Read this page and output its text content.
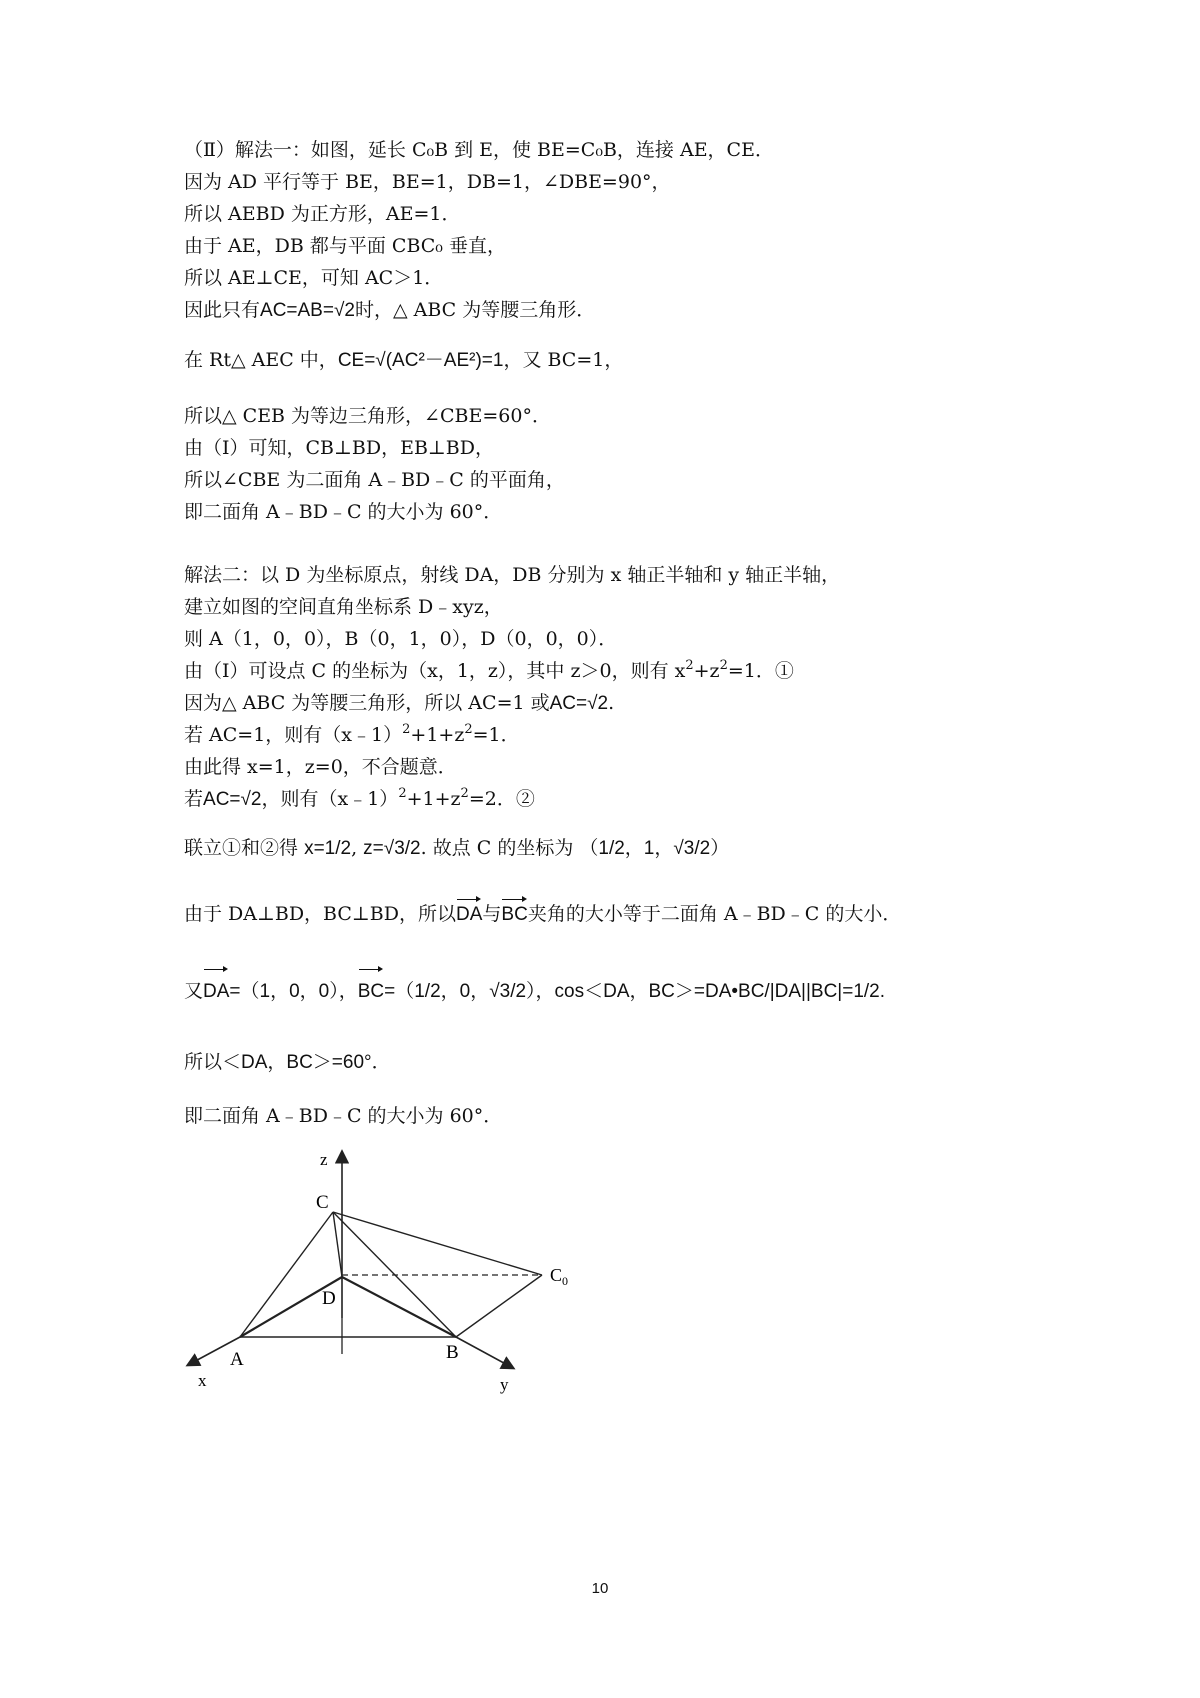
（Ⅱ）解法一：如图，延长 C₀B 到 E，使 BE=C₀B，连接 AE，CE．
因为 AD 平行等于 BE，BE=1，DB=1，∠DBE=90°，
所以 AEBD 为正方形，AE=1．
由于 AE，DB 都与平面 CBC₀ 垂直，
所以 AE⊥CE，可知 AC＞1．
因此只有AC=AB=√2时，△ ABC 为等腰三角形．
在 Rt△ AEC 中，CE=√(AC²－AE²)=1，又 BC=1，
所以△ CEB 为等边三角形，∠CBE=60°．
由（Ⅰ）可知，CB⊥BD，EB⊥BD，
所以∠CBE 为二面角 A﹣BD﹣C 的平面角，
即二面角 A﹣BD﹣C 的大小为 60°．
解法二：以 D 为坐标原点，射线 DA，DB 分别为 x 轴正半轴和 y 轴正半轴，
建立如图的空间直角坐标系 D﹣xyz，
则 A（1，0，0），B（0，1，0），D（0，0，0）．
由（Ⅰ）可设点 C 的坐标为（x，1，z），其中 z＞0，则有 $x^2+z^2=1$．①
因为△ ABC 为等腰三角形，所以 AC=1 或AC=√2.
若 AC=1，则有$(x﹣1)^2+1+z^2=1$．
由此得 x=1，z=0，不合题意．
若AC=√2，则有$(x﹣1)^2+1+z^2=2$．②
联立①和②得 x=1/2, z=√3/2. 故点 C 的坐标为 （1/2，1，√3/2）
由于 DA⊥BD，BC⊥BD，所以DA与BC夹角的大小等于二面角 A﹣BD﹣C 的大小．
又DA=（1，0，0），BC=（1/2，0，√3/2），cos＜DA，BC＞=DA•BC/|DA||BC|=1/2.
所以＜DA，BC＞=60°．
即二面角 A﹣BD﹣C 的大小为 60°．
z
C
$C_0$
D
A	B
x	y
10
